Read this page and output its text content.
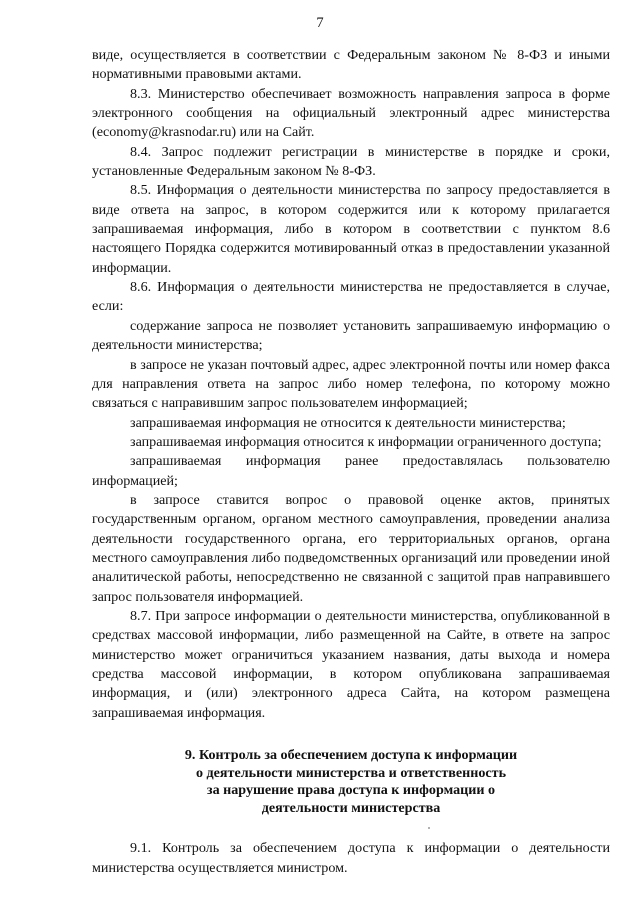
7

виде, осуществляется в соответствии с Федеральным законом № 8-ФЗ и иными нормативными правовыми актами.

8.3. Министерство обеспечивает возможность направления запроса в форме электронного сообщения на официальный электронный адрес министерства (economy@krasnodar.ru) или на Сайт.

8.4. Запрос подлежит регистрации в министерстве в порядке и сроки, установленные Федеральным законом № 8-ФЗ.

8.5. Информация о деятельности министерства по запросу предоставляется в виде ответа на запрос, в котором содержится или к которому прилагается запрашиваемая информация, либо в котором в соответствии с пунктом 8.6 настоящего Порядка содержится мотивированный отказ в предоставлении указанной информации.

8.6. Информация о деятельности министерства не предоставляется в случае, если:

содержание запроса не позволяет установить запрашиваемую информацию о деятельности министерства;

в запросе не указан почтовый адрес, адрес электронной почты или номер факса для направления ответа на запрос либо номер телефона, по которому можно связаться с направившим запрос пользователем информацией;

запрашиваемая информация не относится к деятельности министерства;

запрашиваемая информация относится к информации ограниченного доступа;

запрашиваемая информация ранее предоставлялась пользователю информацией;

в запросе ставится вопрос о правовой оценке актов, принятых государственным органом, органом местного самоуправления, проведении анализа деятельности государственного органа, его территориальных органов, органа местного самоуправления либо подведомственных организаций или проведении иной аналитической работы, непосредственно не связанной с защитой прав направившего запрос пользователя информацией.

8.7. При запросе информации о деятельности министерства, опубликованной в средствах массовой информации, либо размещенной на Сайте, в ответе на запрос министерство может ограничиться указанием названия, даты выхода и номера средства массовой информации, в котором опубликована запрашиваемая информация, и (или) электронного адреса Сайта, на котором размещена запрашиваемая информация.

9. Контроль за обеспечением доступа к информации
о деятельности министерства и ответственность
за нарушение права доступа к информации о
деятельности министерства

9.1. Контроль за обеспечением доступа к информации о деятельности министерства осуществляется министром.
